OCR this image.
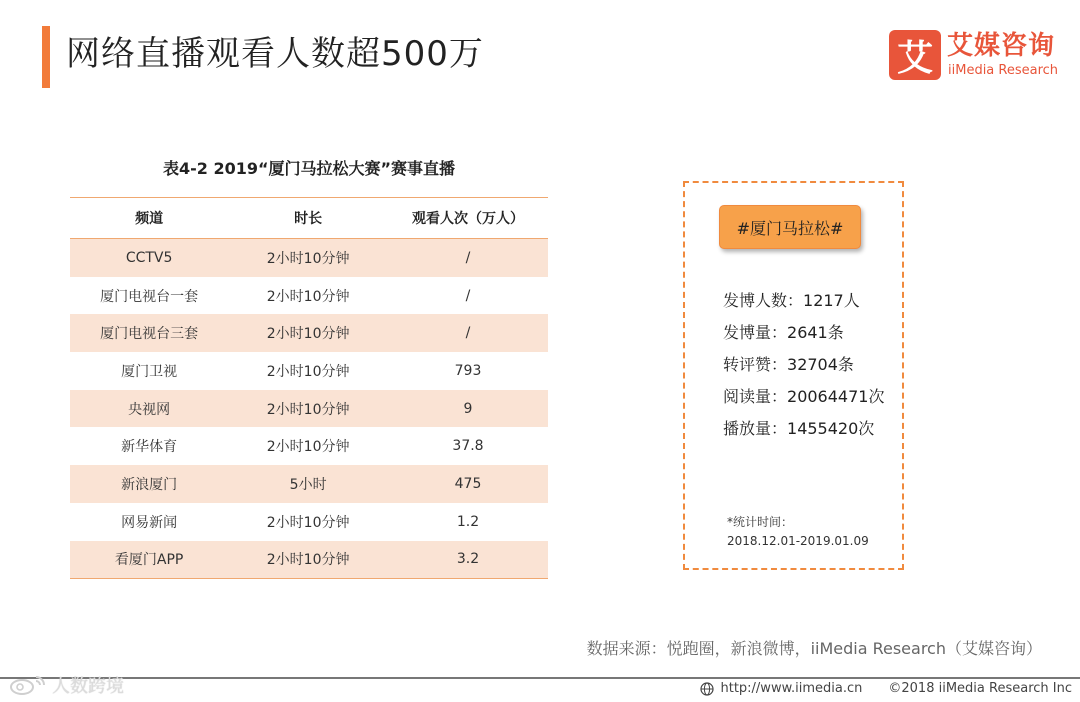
网络直播观看人数超500万	艾 艾媒咨询
iiMedia Research
表4-2 2019“厦门马拉松大赛”赛事直播
频道	时长	观看人次（万人）
CCTV5	2小时10分钟	/
厦门电视台一套	2小时10分钟	/
厦门电视台三套	2小时10分钟	/
厦门卫视	2小时10分钟	793
央视网	2小时10分钟	9
新华体育	2小时10分钟	37.8
新浪厦门	5小时	475
网易新闻	2小时10分钟	1.2
看厦门APP	2小时10分钟	3.2
#厦门马拉松#
发博人数：1217人
发博量：2641条
转评赞：32704条
阅读量：20064471次
播放量：1455420次
*统计时间：
2018.12.01-2019.01.09
数据来源：悦跑圈，新浪微博，iiMedia Research（艾媒咨询）
人数跨境	http://www.iimedia.cn ©2018 iiMedia Research Inc
